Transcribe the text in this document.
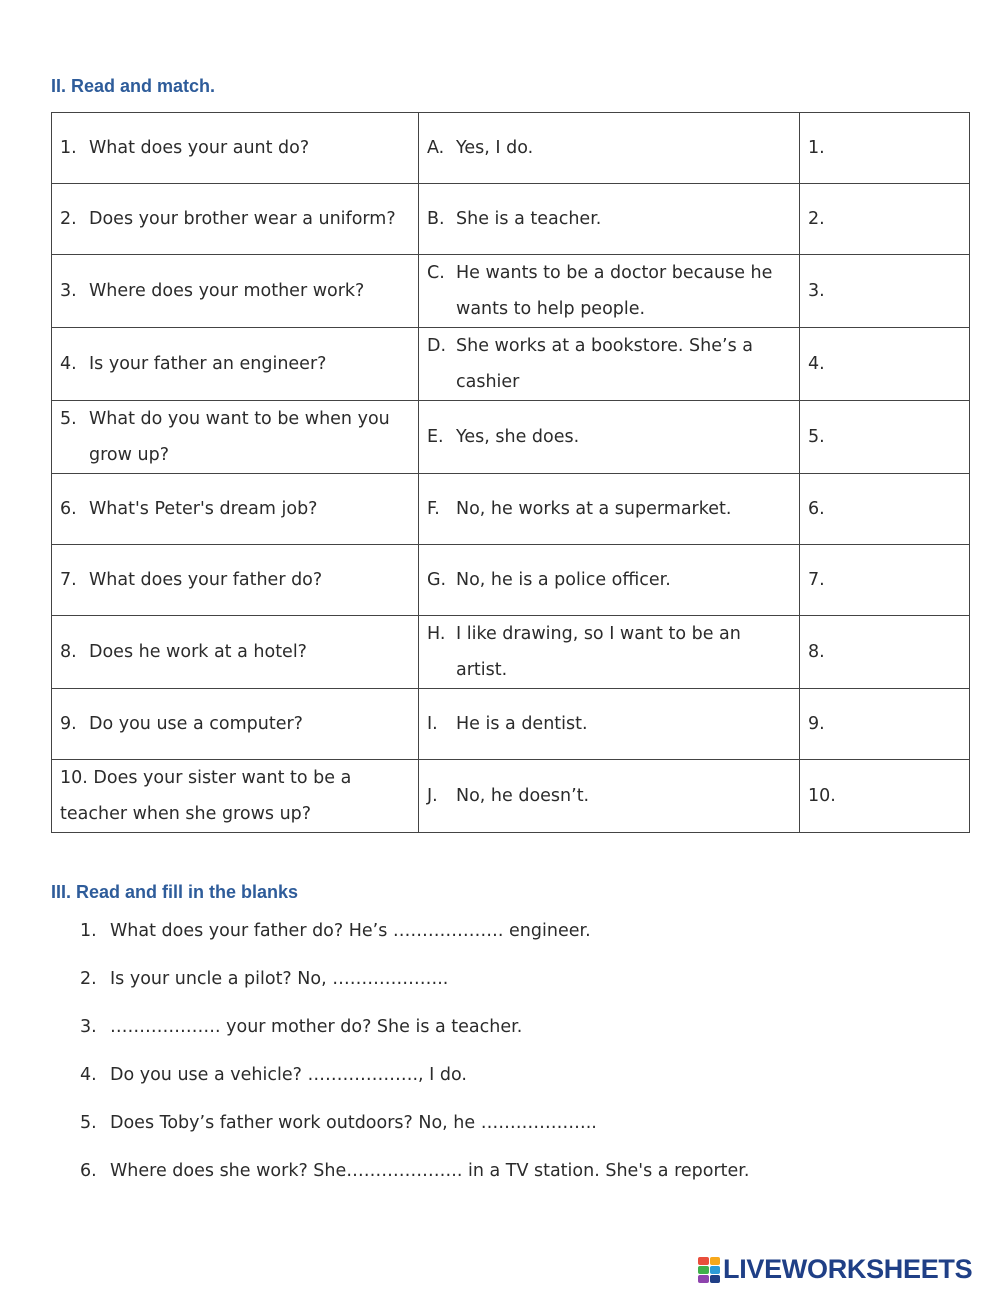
II. Read and match.
1. What does your aunt do?	A. Yes, I do.	1.

2. Does your brother wear a uniform?	B. She is a teacher.	2.

3. Where does your mother work?	C. He wants to be a doctor because he wants to help people.	3.

4. Is your father an engineer?	D. She works at a bookstore. She’s a cashier	4.

5. What do you want to be when you grow up?	E. Yes, she does.	5.

6. What's Peter's dream job?	F. No, he works at a supermarket.	6.

7. What does your father do?	G. No, he is a police officer.	7.

8. Does he work at a hotel?	H. I like drawing, so I want to be an artist.	8.

9. Do you use a computer?	I. He is a dentist.	9.
10. Does your sister want to be a teacher when she grows up?	J. No, he doesn’t.	10.
III. Read and fill in the blanks
1. What does your father do? He’s ………………. engineer.
2. Is your uncle a pilot? No, ………………..
3. ………………. your mother do? She is a teacher.
4. Do you use a vehicle? ………………., I do.
5. Does Toby’s father work outdoors? No, he ………………..
6. Where does she work? She……………….. in a TV station. She's a reporter.
LIVEWORKSHEETS
